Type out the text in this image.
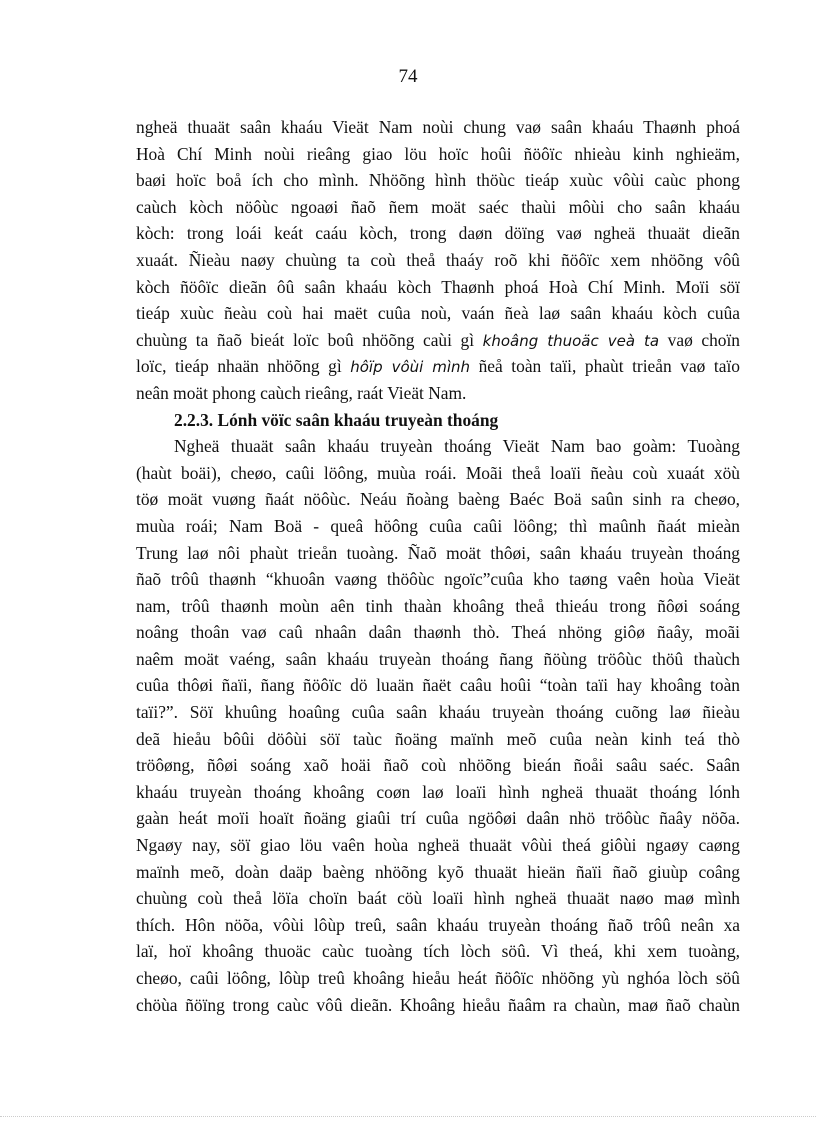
74
ngheä thuaät saân khaáu Vieät Nam noùi chung vaø saân khaáu Thaønh phoá
Hoà Chí Minh noùi rieâng giao löu hoïc hoûi ñöôïc nhieàu kinh nghieäm,
baøi hoïc boå ích cho mình. Nhöõng hình thöùc tieáp xuùc vôùi caùc phong
caùch kòch nöôùc ngoaøi ñaõ ñem moät saéc thaùi môùi cho saân khaáu
kòch: trong loái keát caáu kòch, trong daøn döïng vaø ngheä thuaät dieãn
xuaát. Ñieàu naøy chuùng ta coù theå thaáy roõ khi ñöôïc xem nhöõng vôû
kòch ñöôïc dieãn ôû saân khaáu kòch Thaønh phoá Hoà Chí Minh. Moïi söï
tieáp xuùc ñeàu coù hai maët cuûa noù, vaán ñeà laø saân khaáu kòch cuûa
chuùng ta ñaõ bieát loïc boû nhöõng caùi gì khoâng thuoäc veà ta vaø choïn
loïc, tieáp nhaän nhöõng gì hôïp vôùi mình ñeå toàn taïi, phaùt trieån vaø taïo
neân moät phong caùch rieâng, raát Vieät Nam.
2.2.3. Lónh vöïc saân khaáu truyeàn thoáng
Ngheä thuaät saân khaáu truyeàn thoáng Vieät Nam bao goàm: Tuoàng
(haùt boäi), cheøo, caûi löông, muùa roái. Moãi theå loaïi ñeàu coù xuaát xöù
töø moät vuøng ñaát nöôùc. Neáu ñoàng baèng Baéc Boä saûn sinh ra cheøo,
muùa roái; Nam Boä - queâ höông cuûa caûi löông; thì maûnh ñaát mieàn
Trung laø nôi phaùt trieån tuoàng. Ñaõ moät thôøi, saân khaáu truyeàn thoáng
ñaõ trôû thaønh “khuoân vaøng thöôùc ngoïc”cuûa kho taøng vaên hoùa Vieät
nam, trôû thaønh moùn aên tinh thaàn khoâng theå thieáu trong ñôøi soáng
noâng thoân vaø caû nhaân daân thaønh thò. Theá nhöng giôø ñaây, moãi
naêm moät vaéng, saân khaáu truyeàn thoáng ñang ñöùng tröôùc thöû thaùch
cuûa thôøi ñaïi, ñang ñöôïc dö luaän ñaët caâu hoûi “toàn taïi hay khoâng toàn
taïi?”. Söï khuûng hoaûng cuûa saân khaáu truyeàn thoáng cuõng laø ñieàu
deã hieåu bôûi döôùi söï taùc ñoäng maïnh meõ cuûa neàn kinh teá thò
tröôøng, ñôøi soáng xaõ hoäi ñaõ coù nhöõng bieán ñoåi saâu saéc. Saân
khaáu truyeàn thoáng khoâng coøn laø loaïi hình ngheä thuaät thoáng lónh
gaàn heát moïi hoaït ñoäng giaûi trí cuûa ngöôøi daân nhö tröôùc ñaây nöõa.
Ngaøy nay, söï giao löu vaên hoùa ngheä thuaät vôùi theá giôùi ngaøy caøng
maïnh meõ, doàn daäp baèng nhöõng kyõ thuaät hieän ñaïi ñaõ giuùp coâng
chuùng coù theå löïa choïn baát cöù loaïi hình ngheä thuaät naøo maø mình
thích. Hôn nöõa, vôùi lôùp treû, saân khaáu truyeàn thoáng ñaõ trôû neân xa
laï, hoï khoâng thuoäc caùc tuoàng tích lòch söû. Vì theá, khi xem tuoàng,
cheøo, caûi löông, lôùp treû khoâng hieåu heát ñöôïc nhöõng yù nghóa lòch söû
chöùa ñöïng trong caùc vôû dieãn. Khoâng hieåu ñaâm ra chaùn, maø ñaõ chaùn
